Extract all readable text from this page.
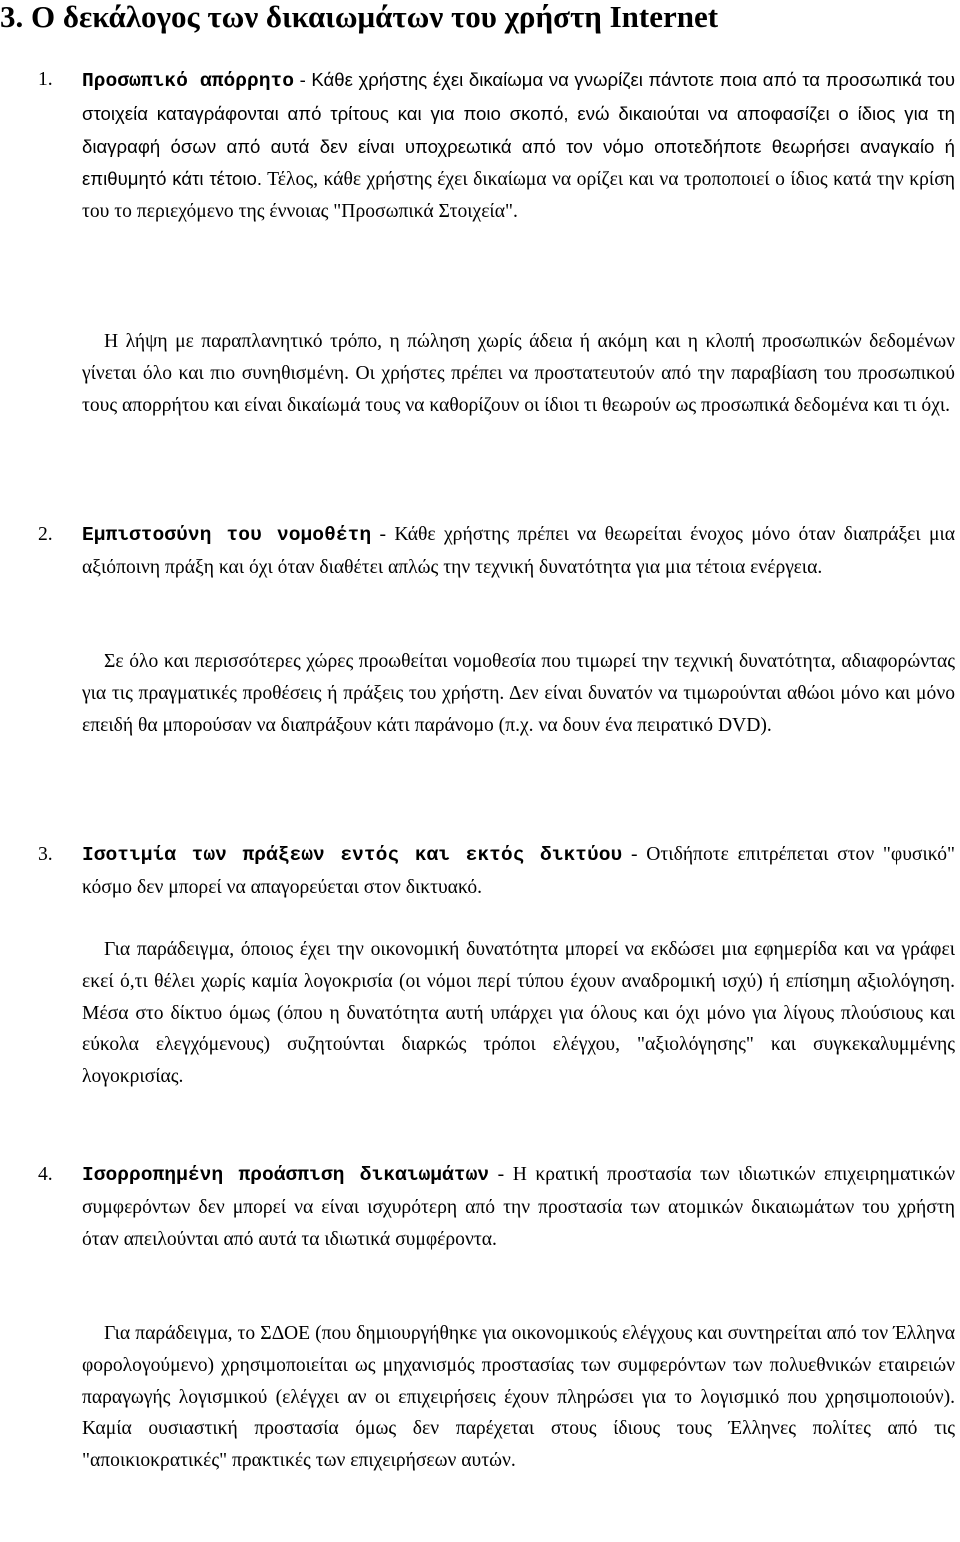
3. Ο δεκάλογος των δικαιωμάτων του χρήστη Internet

1. Προσωπικό απόρρητο - Κάθε χρήστης έχει δικαίωμα να γνωρίζει πάντοτε ποια από τα προσωπικά του στοιχεία καταγράφονται από τρίτους και για ποιο σκοπό, ενώ δικαιούται να αποφασίζει ο ίδιος για τη διαγραφή όσων από αυτά δεν είναι υποχρεωτικά από τον νόμο οποτεδήποτε θεωρήσει αναγκαίο ή επιθυμητό κάτι τέτοιο. Τέλος, κάθε χρήστης έχει δικαίωμα να ορίζει και να τροποποιεί ο ίδιος κατά την κρίση του το περιεχόμενο της έννοιας "Προσωπικά Στοιχεία".

Η λήψη με παραπλανητικό τρόπο, η πώληση χωρίς άδεια ή ακόμη και η κλοπή προσωπικών δεδομένων γίνεται όλο και πιο συνηθισμένη. Οι χρήστες πρέπει να προστατευτούν από την παραβίαση του προσωπικού τους απορρήτου και είναι δικαίωμά τους να καθορίζουν οι ίδιοι τι θεωρούν ως προσωπικά δεδομένα και τι όχι.

2. Εμπιστοσύνη του νομοθέτη - Κάθε χρήστης πρέπει να θεωρείται ένοχος μόνο όταν διαπράξει μια αξιόποινη πράξη και όχι όταν διαθέτει απλώς την τεχνική δυνατότητα για μια τέτοια ενέργεια.

Σε όλο και περισσότερες χώρες προωθείται νομοθεσία που τιμωρεί την τεχνική δυνατότητα, αδιαφορώντας για τις πραγματικές προθέσεις ή πράξεις του χρήστη. Δεν είναι δυνατόν να τιμωρούνται αθώοι μόνο και μόνο επειδή θα μπορούσαν να διαπράξουν κάτι παράνομο (π.χ. να δουν ένα πειρατικό DVD).

3. Ισοτιμία των πράξεων εντός και εκτός δικτύου - Οτιδήποτε επιτρέπεται στον "φυσικό" κόσμο δεν μπορεί να απαγορεύεται στον δικτυακό.

Για παράδειγμα, όποιος έχει την οικονομική δυνατότητα μπορεί να εκδώσει μια εφημερίδα και να γράφει εκεί ό,τι θέλει χωρίς καμία λογοκρισία (οι νόμοι περί τύπου έχουν αναδρομική ισχύ) ή επίσημη αξιολόγηση. Μέσα στο δίκτυο όμως (όπου η δυνατότητα αυτή υπάρχει για όλους και όχι μόνο για λίγους πλούσιους και εύκολα ελεγχόμενους) συζητούνται διαρκώς τρόποι ελέγχου, "αξιολόγησης" και συγκεκαλυμμένης λογοκρισίας.

4. Ισορροπημένη προάσπιση δικαιωμάτων - Η κρατική προστασία των ιδιωτικών επιχειρηματικών συμφερόντων δεν μπορεί να είναι ισχυρότερη από την προστασία των ατομικών δικαιωμάτων του χρήστη όταν απειλούνται από αυτά τα ιδιωτικά συμφέροντα.

Για παράδειγμα, το ΣΔΟΕ (που δημιουργήθηκε για οικονομικούς ελέγχους και συντηρείται από τον Έλληνα φορολογούμενο) χρησιμοποιείται ως μηχανισμός προστασίας των συμφερόντων των πολυεθνικών εταιρειών παραγωγής λογισμικού (ελέγχει αν οι επιχειρήσεις έχουν πληρώσει για το λογισμικό που χρησιμοποιούν). Καμία ουσιαστική προστασία όμως δεν παρέχεται στους ίδιους τους Έλληνες πολίτες από τις "αποικιοκρατικές" πρακτικές των επιχειρήσεων αυτών.
